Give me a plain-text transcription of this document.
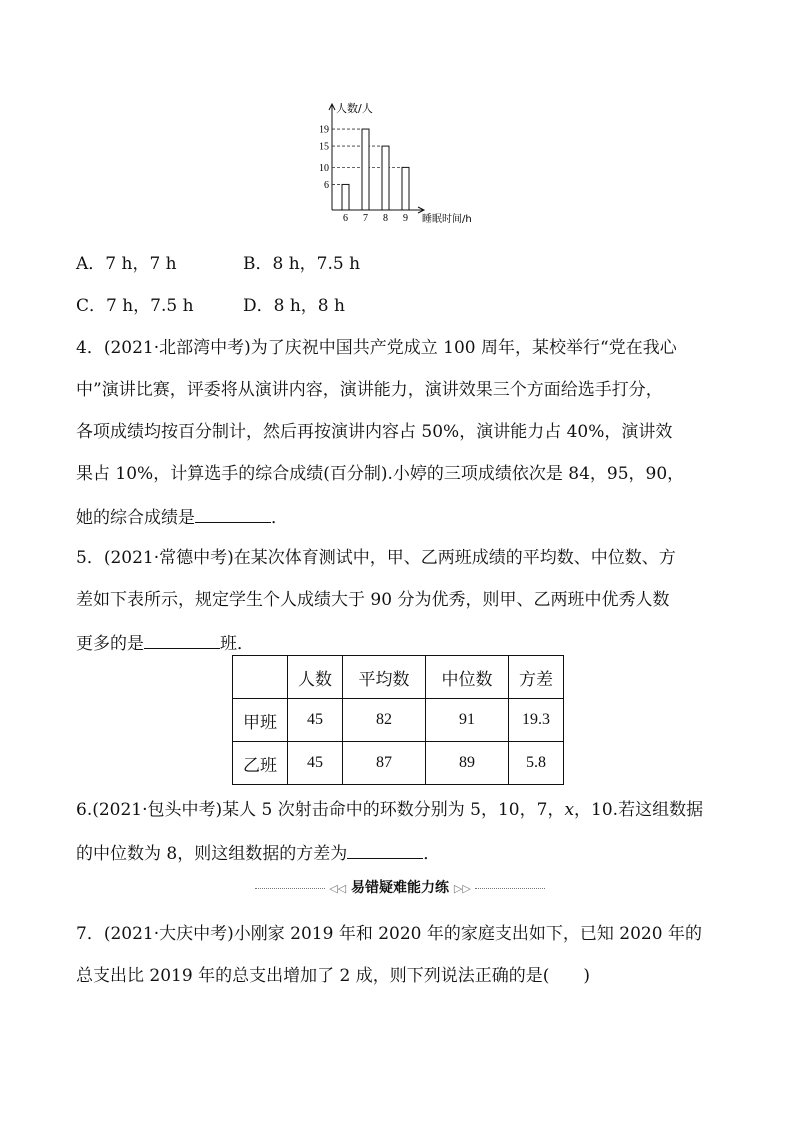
6 7 8 9
6
10
15
19
人数/人
睡眠时间/h
A．7 h，7 h	B．8 h，7.5 h
C．7 h，7.5 h	D．8 h，8 h
4．(2021·北部湾中考)为了庆祝中国共产党成立 100 周年，某校举行“党在我心
中”演讲比赛，评委将从演讲内容，演讲能力，演讲效果三个方面给选手打分，
各项成绩均按百分制计，然后再按演讲内容占 50%，演讲能力占 40%，演讲效
果占 10%，计算选手的综合成绩(百分制).小婷的三项成绩依次是 84，95，90，
她的综合成绩是	．
5．(2021·常德中考)在某次体育测试中，甲、乙两班成绩的平均数、中位数、方
差如下表所示，规定学生个人成绩大于 90 分为优秀，则甲、乙两班中优秀人数
更多的是	班．
	人数	平均数	中位数	方差
甲班	45	82	91	19.3
乙班	45	87	89	5.8
6.(2021·包头中考)某人 5 次射击命中的环数分别为 5，10，7，x，10.若这组数据
的中位数为 8，则这组数据的方差为	．
◁◁ 易错疑难能力练 ▷▷
7．(2021·大庆中考)小刚家 2019 年和 2020 年的家庭支出如下，已知 2020 年的
总支出比 2019 年的总支出增加了 2 成，则下列说法正确的是(　　)
